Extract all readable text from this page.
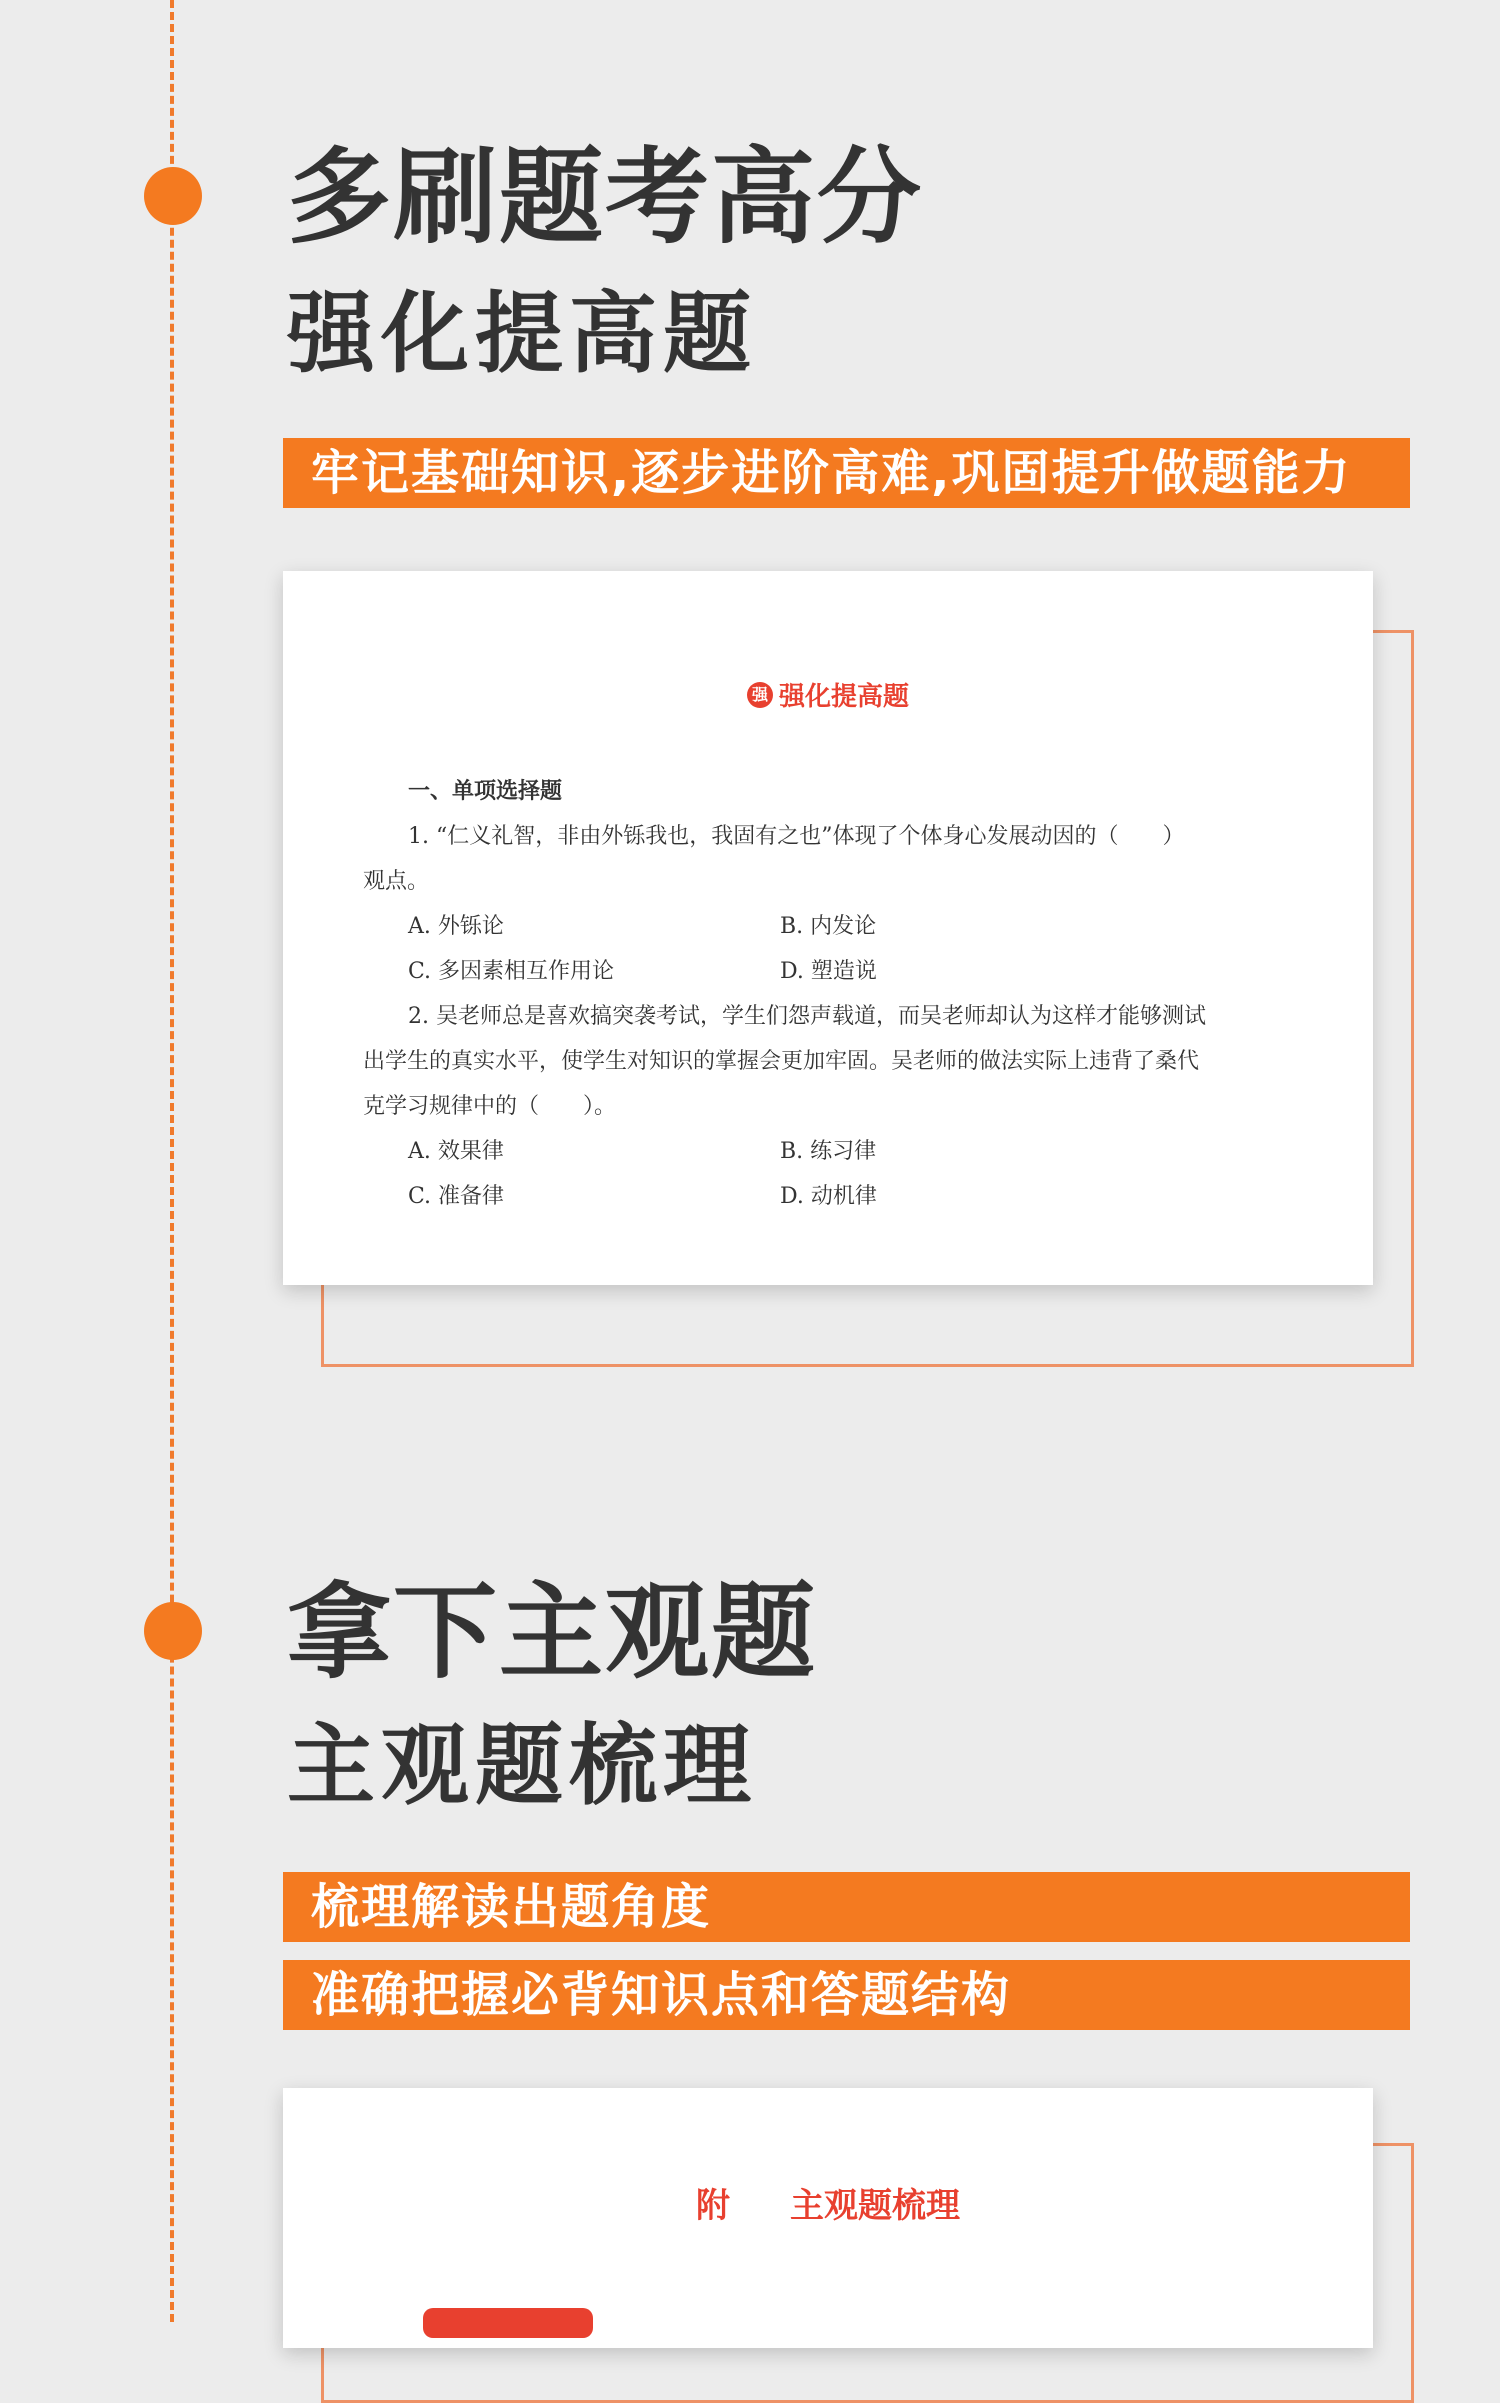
多刷题考高分
强化提高题
牢记基础知识,逐步进阶高难,巩固提升做题能力
强 强化提高题
一、单项选择题
1. “仁义礼智，非由外铄我也，我固有之也”体现了个体身心发展动因的（　　）
观点。
A. 外铄论	B. 内发论
C. 多因素相互作用论	D. 塑造说
2. 吴老师总是喜欢搞突袭考试，学生们怨声载道，而吴老师却认为这样才能够测试
出学生的真实水平，使学生对知识的掌握会更加牢固。吴老师的做法实际上违背了桑代
克学习规律中的（　　）。
A. 效果律	B. 练习律
C. 准备律	D. 动机律
拿下主观题
主观题梳理
梳理解读出题角度
准确把握必背知识点和答题结构
附 主观题梳理
